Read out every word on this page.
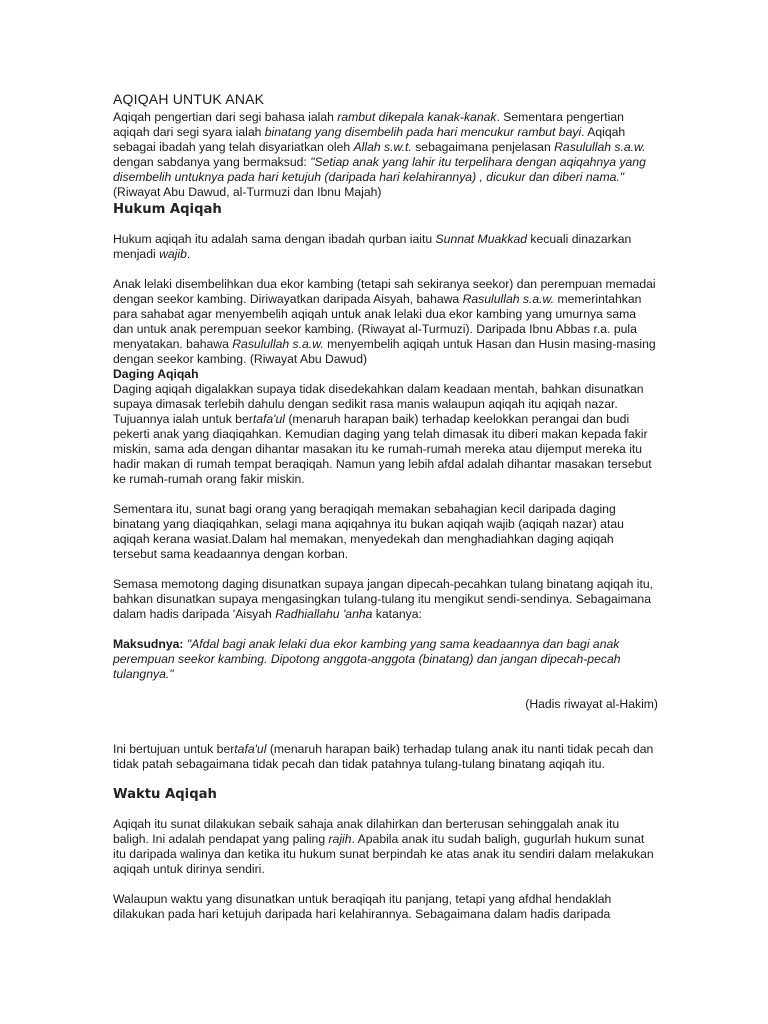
AQIQAH UNTUK ANAK

Aqiqah pengertian dari segi bahasa ialah rambut dikepala kanak-kanak. Sementara pengertian aqiqah dari segi syara ialah binatang yang disembelih pada hari mencukur rambut bayi. Aqiqah sebagai ibadah yang telah disyariatkan oleh Allah s.w.t. sebagaimana penjelasan Rasulullah s.a.w. dengan sabdanya yang bermaksud: "Setiap anak yang lahir itu terpelihara dengan aqiqahnya yang disembelih untuknya pada hari ketujuh (daripada hari kelahirannya) , dicukur dan diberi nama." (Riwayat Abu Dawud, al-Turmuzi dan Ibnu Majah)

Hukum Aqiqah

Hukum aqiqah itu adalah sama dengan ibadah qurban iaitu Sunnat Muakkad kecuali dinazarkan menjadi wajib.

Anak lelaki disembelihkan dua ekor kambing (tetapi sah sekiranya seekor) dan perempuan memadai dengan seekor kambing. Diriwayatkan daripada Aisyah, bahawa Rasulullah s.a.w. memerintahkan para sahabat agar menyembelih aqiqah untuk anak lelaki dua ekor kambing yang umurnya sama dan untuk anak perempuan seekor kambing. (Riwayat al-Turmuzi). Daripada Ibnu Abbas r.a. pula menyatakan. bahawa Rasulullah s.a.w. menyembelih aqiqah untuk Hasan dan Husin masing-masing dengan seekor kambing. (Riwayat Abu Dawud)

Daging Aqiqah

Daging aqiqah digalakkan supaya tidak disedekahkan dalam keadaan mentah, bahkan disunatkan supaya dimasak terlebih dahulu dengan sedikit rasa manis walaupun aqiqah itu aqiqah nazar. Tujuannya ialah untuk bertafa'ul (menaruh harapan baik) terhadap keelokkan perangai dan budi pekerti anak yang diaqiqahkan. Kemudian daging yang telah dimasak itu diberi makan kepada fakir miskin, sama ada dengan dihantar masakan itu ke rumah-rumah mereka atau dijemput mereka itu hadir makan di rumah tempat beraqiqah. Namun yang lebih afdal adalah dihantar masakan tersebut ke rumah-rumah orang fakir miskin.

Sementara itu, sunat bagi orang yang beraqiqah memakan sebahagian kecil daripada daging binatang yang diaqiqahkan, selagi mana aqiqahnya itu bukan aqiqah wajib (aqiqah nazar) atau aqiqah kerana wasiat.Dalam hal memakan, menyedekah dan menghadiahkan daging aqiqah tersebut sama keadaannya dengan korban.

Semasa memotong daging disunatkan supaya jangan dipecah-pecahkan tulang binatang aqiqah itu, bahkan disunatkan supaya mengasingkan tulang-tulang itu mengikut sendi-sendinya. Sebagaimana dalam hadis daripada 'Aisyah Radhiallahu 'anha katanya:

Maksudnya: "Afdal bagi anak lelaki dua ekor kambing yang sama keadaannya dan bagi anak perempuan seekor kambing. Dipotong anggota-anggota (binatang) dan jangan dipecah-pecah tulangnya."

(Hadis riwayat al-Hakim)

Ini bertujuan untuk bertafa'ul (menaruh harapan baik) terhadap tulang anak itu nanti tidak pecah dan tidak patah sebagaimana tidak pecah dan tidak patahnya tulang-tulang binatang aqiqah itu.

Waktu Aqiqah

Aqiqah itu sunat dilakukan sebaik sahaja anak dilahirkan dan berterusan sehinggalah anak itu baligh. Ini adalah pendapat yang paling rajih. Apabila anak itu sudah baligh, gugurlah hukum sunat itu daripada walinya dan ketika itu hukum sunat berpindah ke atas anak itu sendiri dalam melakukan aqiqah untuk dirinya sendiri.

Walaupun waktu yang disunatkan untuk beraqiqah itu panjang, tetapi yang afdhal hendaklah dilakukan pada hari ketujuh daripada hari kelahirannya. Sebagaimana dalam hadis daripada
